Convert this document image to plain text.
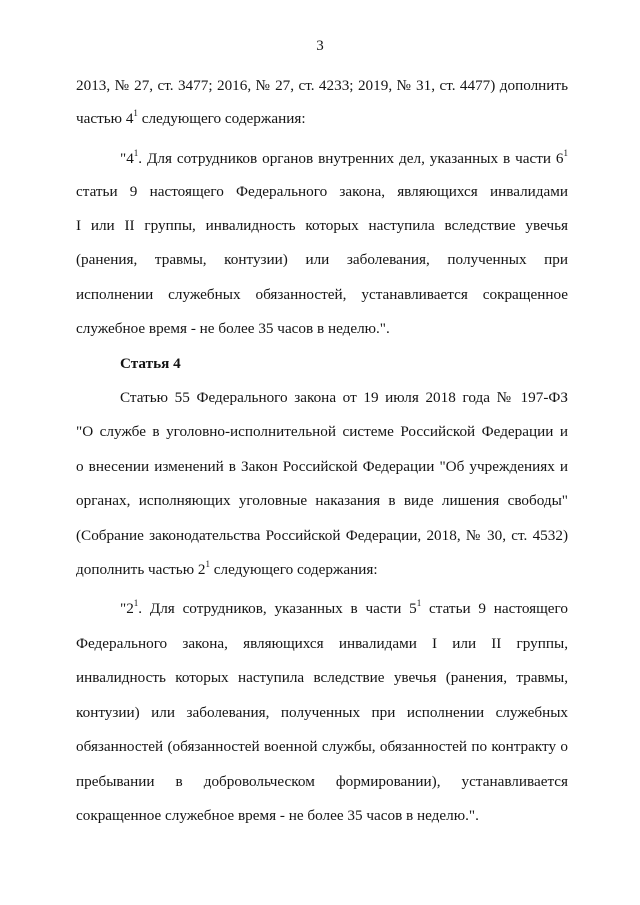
3
2013, № 27, ст. 3477; 2016, № 27, ст. 4233; 2019, № 31, ст. 4477) дополнить
частью $4^1$ следующего содержания:
"$4^1$. Для сотрудников органов внутренних дел, указанных в части $6^1$
статьи 9 настоящего Федерального закона, являющихся инвалидами
I или II группы, инвалидность которых наступила вследствие увечья
(ранения, травмы, контузии) или заболевания, полученных при
исполнении служебных обязанностей, устанавливается сокращенное
служебное время - не более 35 часов в неделю.".
Статья 4
Статью 55 Федерального закона от 19 июля 2018 года № 197-ФЗ
"О службе в уголовно-исполнительной системе Российской Федерации и
о внесении изменений в Закон Российской Федерации "Об учреждениях и
органах, исполняющих уголовные наказания в виде лишения свободы"
(Собрание законодательства Российской Федерации, 2018, № 30, ст. 4532)
дополнить частью $2^1$ следующего содержания:
"$2^1$. Для сотрудников, указанных в части $5^1$ статьи 9 настоящего
Федерального закона, являющихся инвалидами I или II группы,
инвалидность которых наступила вследствие увечья (ранения, травмы,
контузии) или заболевания, полученных при исполнении служебных
обязанностей (обязанностей военной службы, обязанностей по контракту о
пребывании в добровольческом формировании), устанавливается
сокращенное служебное время - не более 35 часов в неделю.".
